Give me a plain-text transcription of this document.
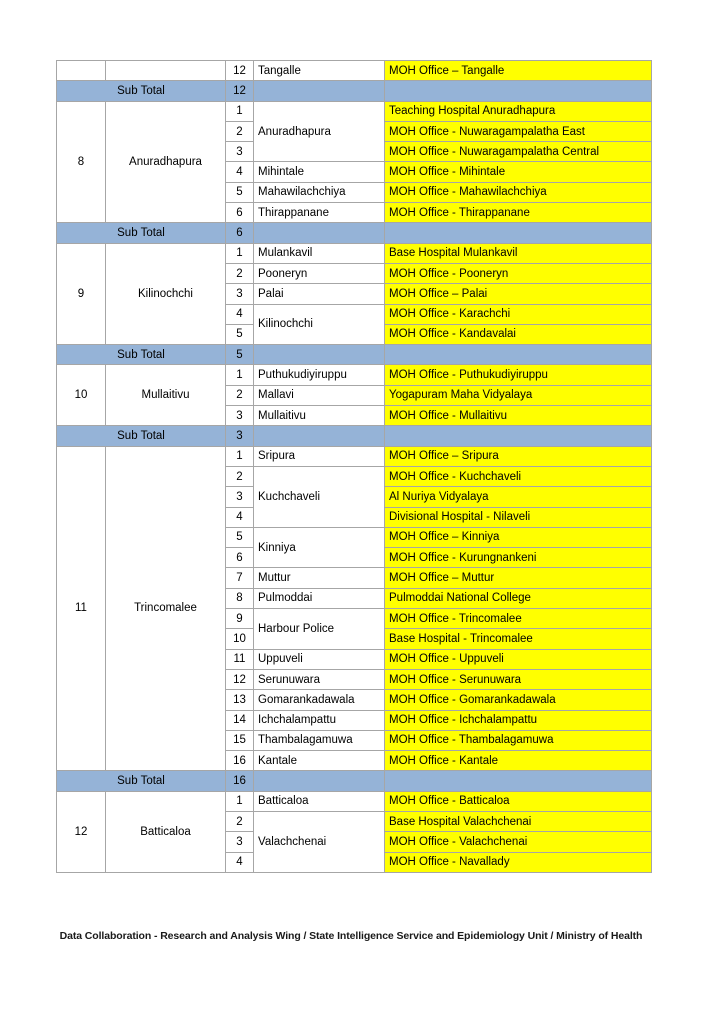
		12	Tangalle	MOH Office – Tangalle
Sub Total		12		
8	Anuradhapura	1	Anuradhapura	Teaching Hospital Anuradhapura
		2		MOH Office - Nuwaragampalatha East
		3		MOH Office - Nuwaragampalatha Central
		4	Mihintale	MOH Office - Mihintale
		5	Mahawilachchiya	MOH Office - Mahawilachchiya
		6	Thirappanane	MOH Office - Thirappanane
Sub Total		6		
9	Kilinochchi	1	Mulankavil	Base Hospital Mulankavil
		2	Pooneryn	MOH Office - Pooneryn
		3	Palai	MOH Office – Palai
		4	Kilinochchi	MOH Office - Karachchi
		5		MOH Office - Kandavalai
Sub Total		5		
10	Mullaitivu	1	Puthukudiyiruppu	MOH Office - Puthukudiyiruppu
		2	Mallavi	Yogapuram Maha Vidyalaya
		3	Mullaitivu	MOH Office - Mullaitivu
Sub Total		3		
11	Trincomalee	1	Sripura	MOH Office – Sripura
		2	Kuchchaveli	MOH Office - Kuchchaveli
		3		Al Nuriya Vidyalaya
		4		Divisional Hospital - Nilaveli
		5	Kinniya	MOH Office – Kinniya
		6		MOH Office - Kurungnankeni
		7	Muttur	MOH Office – Muttur
		8	Pulmoddai	Pulmoddai National College
		9	Harbour Police	MOH Office - Trincomalee
		10		Base Hospital - Trincomalee
		11	Uppuveli	MOH Office - Uppuveli
		12	Serunuwara	MOH Office - Serunuwara
		13	Gomarankadawala	MOH Office - Gomarankadawala
		14	Ichchalampattu	MOH Office - Ichchalampattu
		15	Thambalagamuwa	MOH Office - Thambalagamuwa
		16	Kantale	MOH Office - Kantale
Sub Total		16		
12	Batticaloa	1	Batticaloa	MOH Office - Batticaloa
		2	Valachchenai	Base Hospital Valachchenai
		3		MOH Office - Valachchenai
		4		MOH Office - Navallady
Data Collaboration - Research and Analysis Wing / State Intelligence Service and Epidemiology Unit / Ministry of Health
